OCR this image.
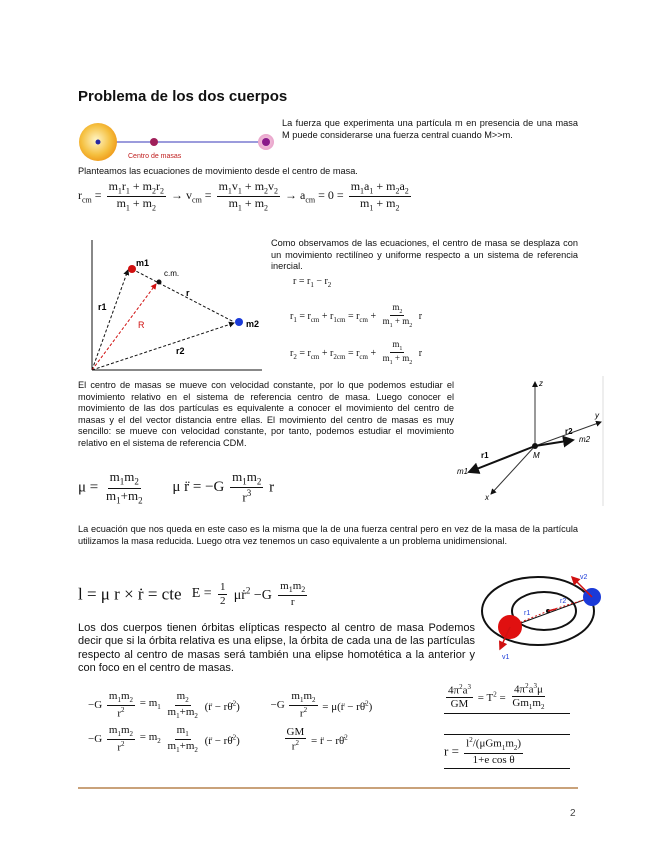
Problema de los dos cuerpos
Centro de masas

La fuerza que experimenta una partícula m en presencia de una masa M puede considerarse una fuerza central cuando M>>m.

Planteamos las ecuaciones de movimiento desde el centro de masa.

$r_{cm} = \frac{m_1r_1 + m_2r_2}{m_1 + m_2} \to v_{cm} = \frac{m_1v_1 + m_2v_2}{m_1 + m_2} \to a_{cm} = 0 = \frac{m_1a_1 + m_2a_2}{m_1 + m_2}$
m1
c.m.
m2
r1
R
r
r2

Como observamos de las ecuaciones, el centro de masa se desplaza con un movimiento rectilíneo y uniforme respecto a un sistema de referencia inercial.

$r = r_1 - r_2$
$r_1 = r_{cm} + r_{1cm} = r_{cm} + \frac{m_2}{m_1 + m_2}$ r
$r_2 = r_{cm} + r_{2cm} = r_{cm} + \frac{m_1}{m_1 + m_2}$ r

El centro de masas se mueve con velocidad constante, por lo que podemos estudiar el movimiento relativo en el sistema de referencia centro de masa. Luego conocer el movimiento de las dos partículas es equivalente a conocer el movimiento del centro de masas y el del vector distancia entre ellas. El movimiento del centro de masas es muy sencillo: se mueve con velocidad constante, por tanto, podemos estudiar el movimiento relativo en el sistema de referencia CDM.

z
y
x
M
r1
r2
m1
m2
$\mu = \frac{m_1m_2}{m_1+m_2}$ μ r̈ = $-G \frac{m_1m_2}{r^3}$ r

La ecuación que nos queda en este caso es la misma que la de una fuerza central pero en vez de la masa de la partícula utilizamos la masa reducida. Luego otra vez tenemos un caso equivalente a un problema unidimensional.

l = μ r × ṙ = cte $E = \frac{1}{2}$ μṙ$^2$ $-G \frac{m_1m_2}{r}$
v2
v1
r1
r2

Los dos cuerpos tienen órbitas elípticas respecto al centro de masa Podemos decir que si la órbita relativa es una elipse, la órbita de cada una de las partículas respecto al centro de masas será también una elipse homotética a la anterior y con foco en el centro de masas.

$-G \frac{m_1m_2}{r^2} = m_1 \frac{m_2}{m_1+m_2}$ (r̈ − rθ̇$^2$)	$-G \frac{m_1m_2}{r^2}$ = μ(r̈ − rθ̇$^2$)
$-G \frac{m_1m_2}{r^2} = m_2 \frac{m_1}{m_1+m_2}$ (r̈ − rθ̇$^2$)	$\frac{GM}{r^2}$ = r̈ − rθ̇$^2$
$\frac{4\pi^2a^3}{GM} = T^2 = \frac{4\pi^2a^3\mu}{Gm_1m_2}$
$r = \frac{l^2/(\mu Gm_1m_2)}{\text{1+e cos θ}}$
2
